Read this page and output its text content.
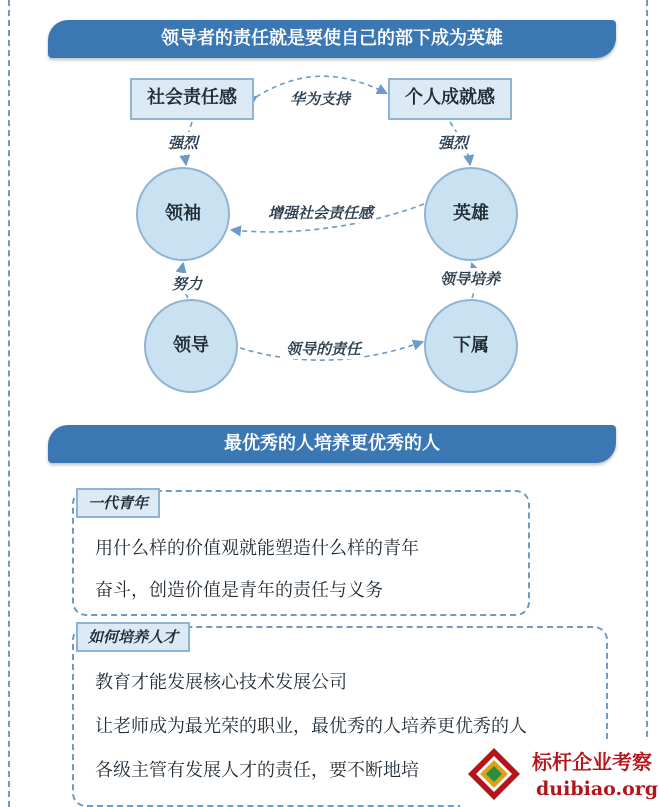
领导者的责任就是要使自己的部下成为英雄
社会责任感	个人成就感
领袖	英雄
领导	下属
华为支持
强烈	强烈
增强社会责任感
努力	领导培养
领导的责任
最优秀的人培养更优秀的人
一代青年
用什么样的价值观就能塑造什么样的青年
奋斗，创造价值是青年的责任与义务
如何培养人才
教育才能发展核心技术发展公司
让老师成为最光荣的职业，最优秀的人培养更优秀的人
各级主管有发展人才的责任，要不断地培	标杆企业考察
duibiao.org
